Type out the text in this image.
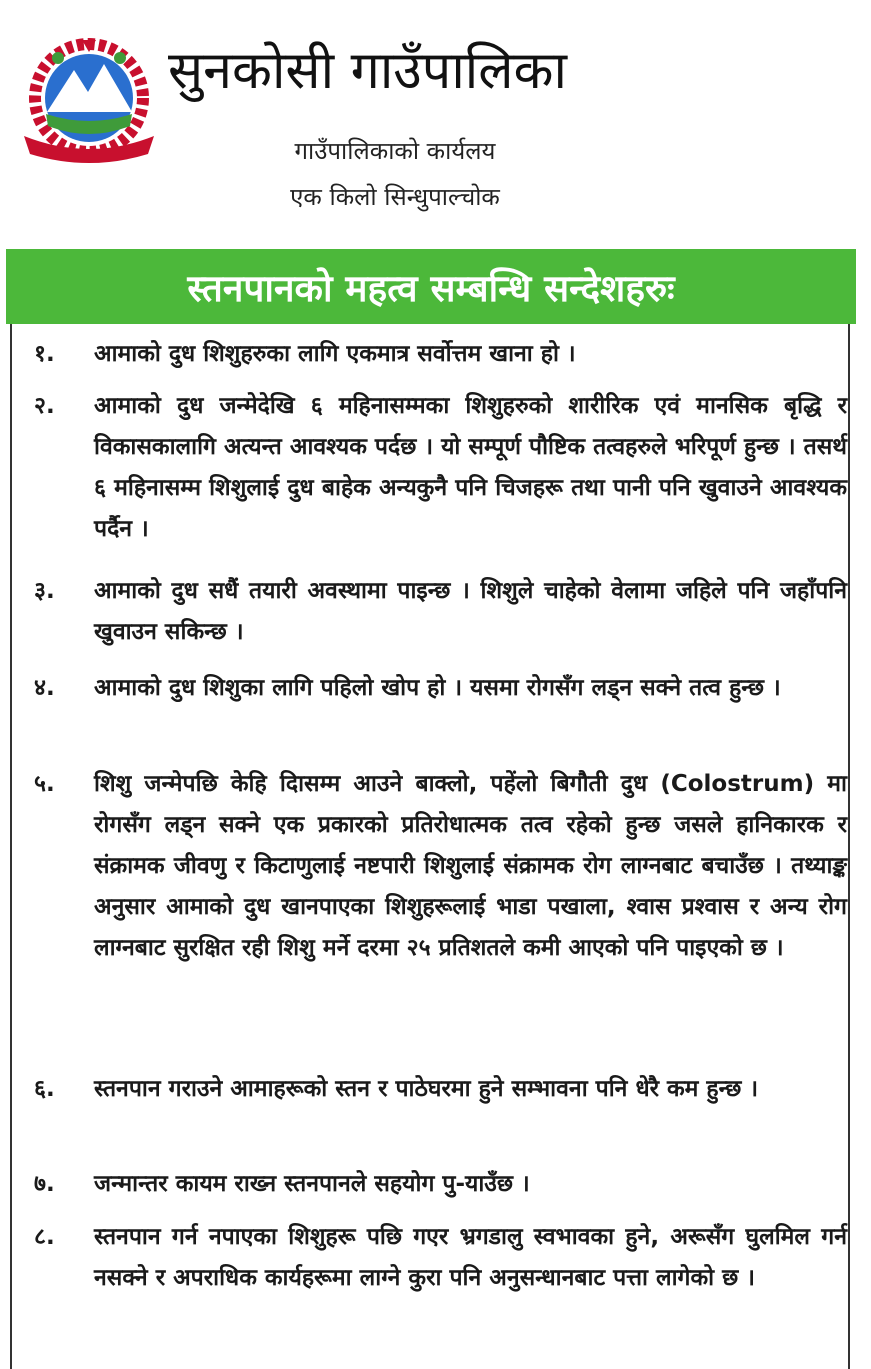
सुनकोसी गाउँपालिका
गाउँपालिकाको कार्यलय
एक किलो सिन्धुपाल्चोक
स्तनपानको महत्व सम्बन्धि सन्देशहरुः
१.	आमाको दुध शिशुहरुका लागि एकमात्र सर्वोत्तम खाना हो ।
२.	आमाको दुध जन्मेदेखि ६ महिनासम्मका शिशुहरुको शारीरिक एवं मानसिक बृद्धि र विकासकालागि अत्यन्त आवश्यक पर्दछ । यो सम्पूर्ण पौष्टिक तत्वहरुले भरिपूर्ण हुन्छ । तसर्थ ६ महिनासम्म शिशुलाई दुध बाहेक अन्यकुनै पनि चिजहरू तथा पानी पनि खुवाउने आवश्यक पर्दैन ।
३.	आमाको दुध सधैं तयारी अवस्थामा पाइन्छ । शिशुले चाहेको वेलामा जहिले पनि जहाँपनि खुवाउन सकिन्छ ।
४.	आमाको दुध शिशुका लागि पहिलो खोप हो । यसमा रोगसँग लड्न सक्ने तत्व हुन्छ ।
५.	शिशु जन्मेपछि केहि दिासम्म आउने बाक्लो, पहेंलो बिगौती दुध (Colostrum) मा रोगसँग लड्न सक्ने एक प्रकारको प्रतिरोधात्मक तत्व रहेको हुन्छ जसले हानिकारक र संक्रामक जीवणु र किटाणुलाई नष्टपारी शिशुलाई संक्रामक रोग लाग्नबाट बचाउँछ । तथ्याङ्क अनुसार आमाको दुध खानपाएका शिशुहरूलाई भाडा पखाला, श्वास प्रश्वास र अन्य रोग लाग्नबाट सुरक्षित रही शिशु मर्ने दरमा २५ प्रतिशतले कमी आएको पनि पाइएको छ ।
६.	स्तनपान गराउने आमाहरूको स्तन र पाठेघरमा हुने सम्भावना पनि धेरै कम हुन्छ ।
७.	जन्मान्तर कायम राख्न स्तनपानले सहयोग पु-याउँछ ।
८.	स्तनपान गर्न नपाएका शिशुहरू पछि गएर भ्रगडालु स्वभावका हुने, अरूसँग घुलमिल गर्न नसक्ने र अपराधिक कार्यहरूमा लाग्ने कुरा पनि अनुसन्धानबाट पत्ता लागेको छ ।
